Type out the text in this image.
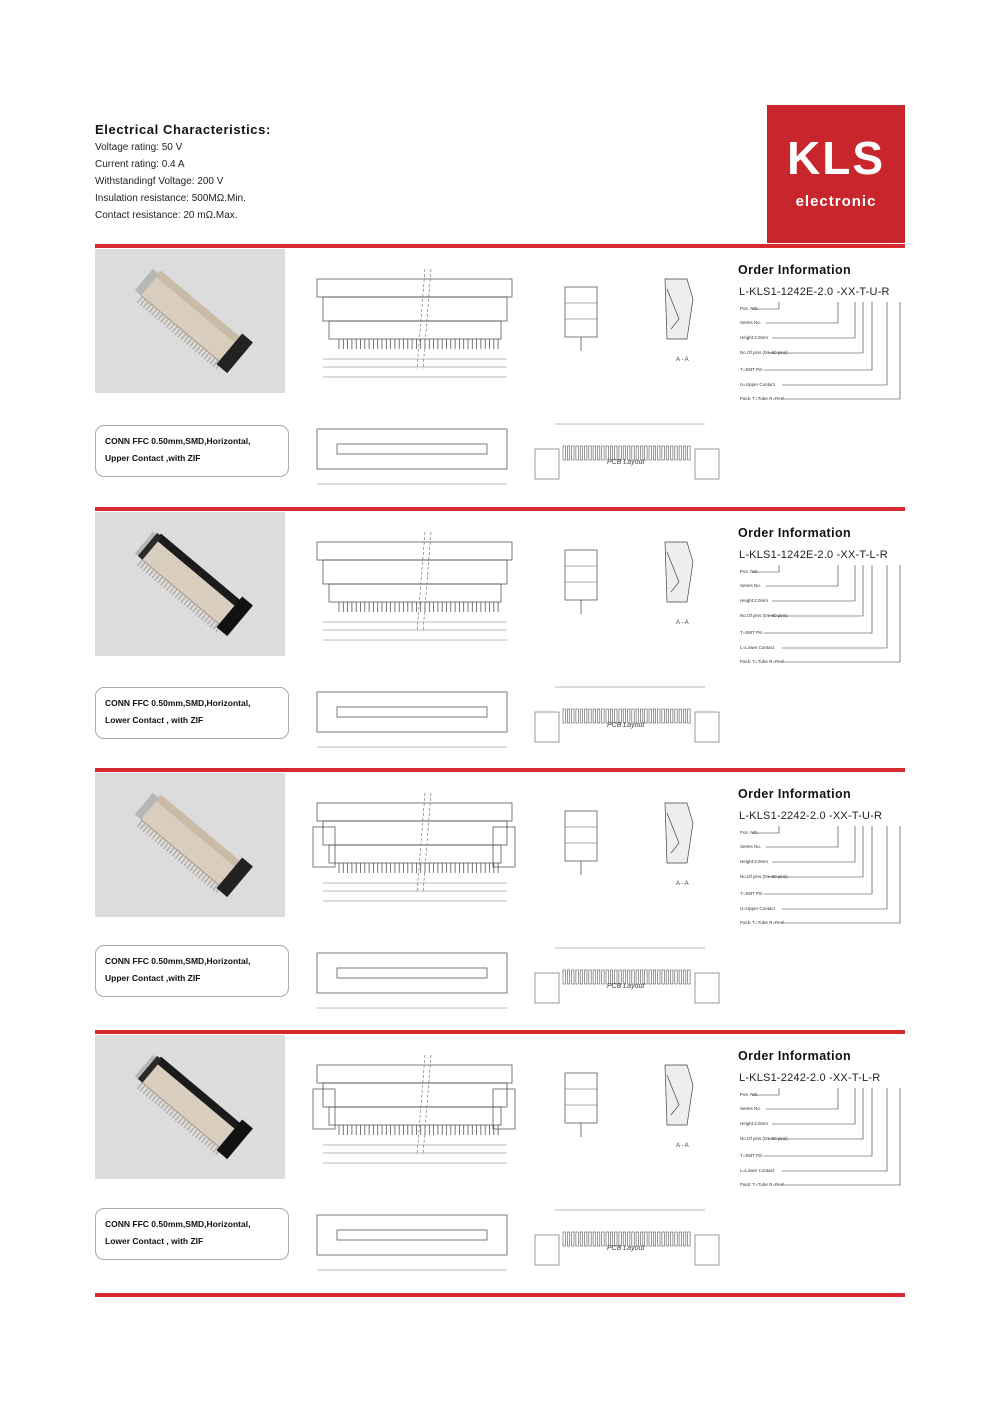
Electrical Characteristics:
Voltage rating: 50 V
Current rating: 0.4 A
Withstandingf Voltage: 200 V
Insulation resistance: 500MΩ.Min.
Contact resistance: 20 mΩ.Max.
KLS
electronic
CONN FFC 0.50mm,SMD,Horizontal,
Upper Contact ,with ZIF
Order Information
L-KLS1-1242E-2.0 -XX-T-U-R
Pos. NO.
Series No.
Height:2.0mm
No.Of pins (04~60 pins)
T=SMT Pin
U=Upper Contact
Pack: T=Tube R=Reel
PCB Layout
A - A
CONN FFC 0.50mm,SMD,Horizontal,
Lower Contact , with ZIF
Order Information
L-KLS1-1242E-2.0 -XX-T-L-R
Pos. NO.
Series No.
Height:2.0mm
No.Of pins (04~60 pins)
T=SMT Pin
L=Lower Contact
Pack: T=Tube R=Reel
PCB Layout
A - A
CONN FFC 0.50mm,SMD,Horizontal,
Upper Contact ,with ZIF
Order Information
L-KLS1-2242-2.0 -XX-T-U-R
Pos. NO.
Series No.
Height:2.0mm
No.Of pins (04~60 pins)
T=SMT Pin
U=Upper Contact
Pack: T=Tube R=Reel
PCB Layout
A - A
CONN FFC 0.50mm,SMD,Horizontal,
Lower Contact , with ZIF
Order Information
L-KLS1-2242-2.0 -XX-T-L-R
Pos. NO.
Series No.
Height:2.0mm
No.Of pins (04~60 pins)
T=SMT Pin
L=Lower Contact
Pack: T=Tube R=Reel
PCB Layout
A - A
